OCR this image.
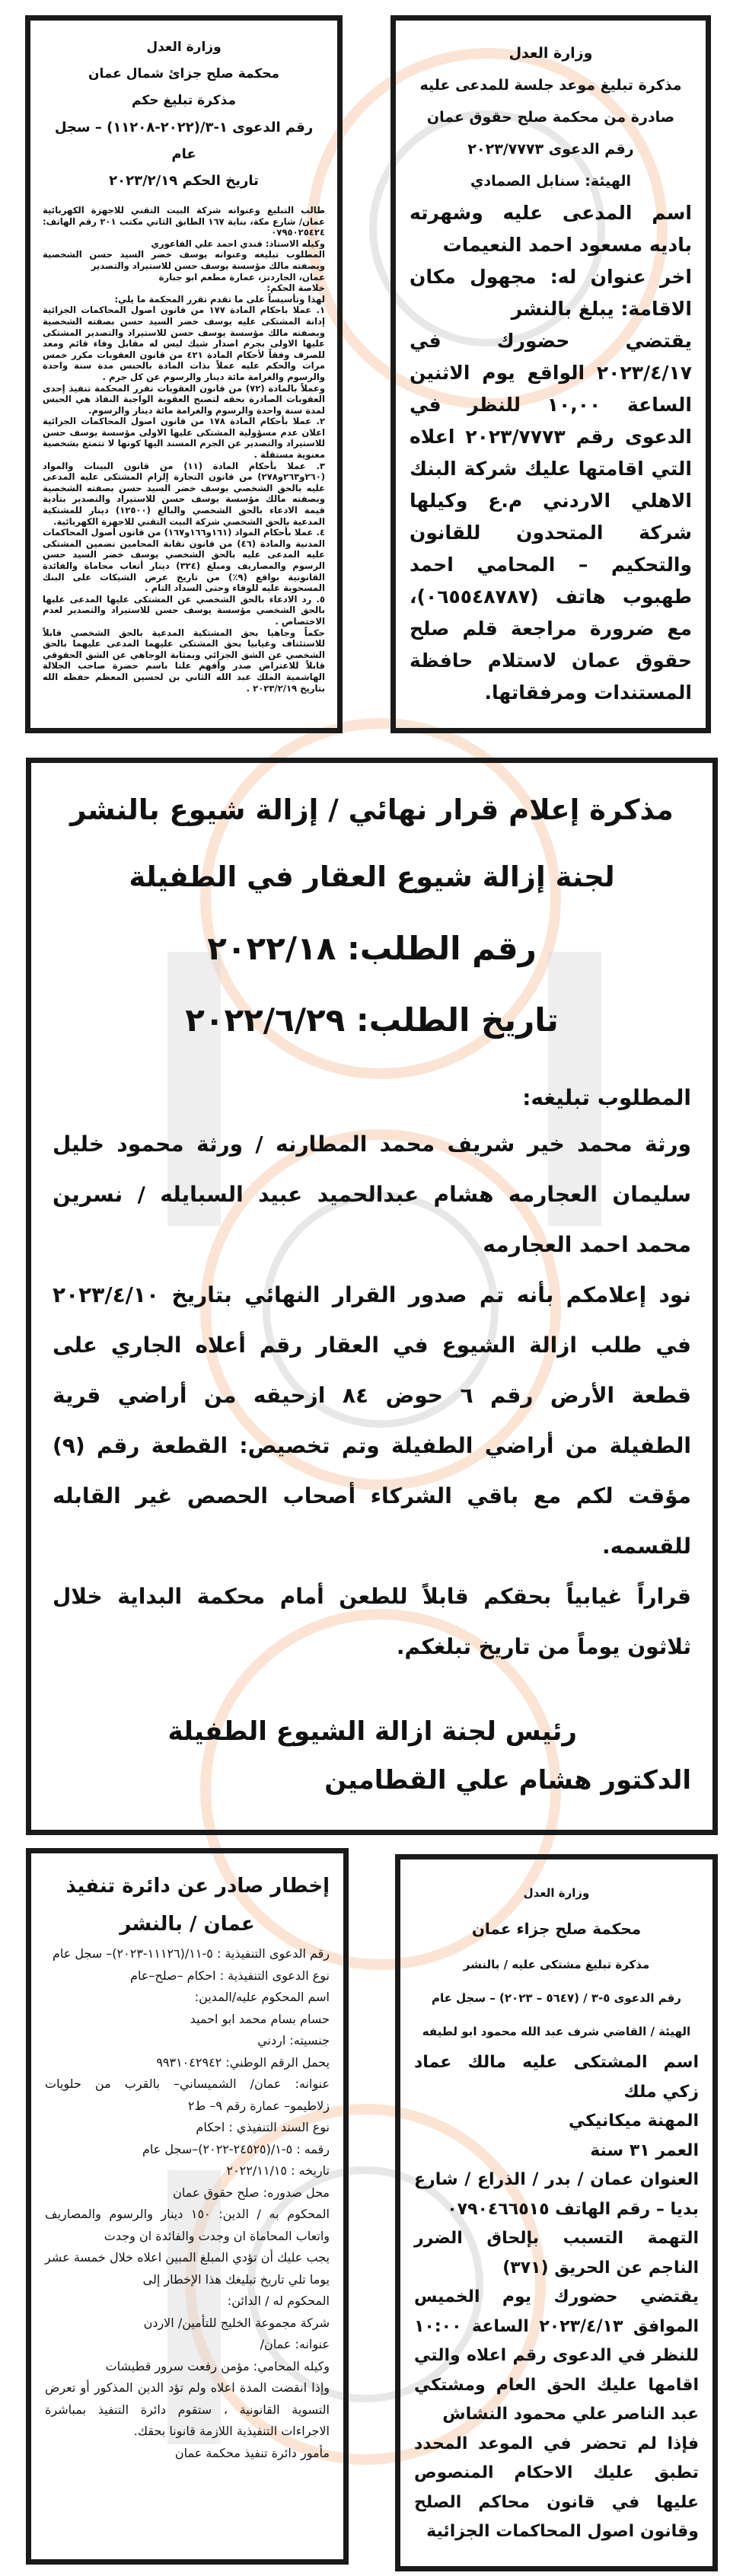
وزارة العدل

محكمة صلح جزائ شمال عمان

مذكرة تبليغ حكم

رقم الدعوى ١-٣/(٢٠٢٢-١١٢٠٨) – سجل عام

تاريخ الحكم ٢٠٢٣/٢/١٩

طالب التبليغ وعنوانه شركة البيت التقني للاجهزة الكهربائية عمان/ شارع مكة، بناية ١٦٧ الطابق الثاني مكتب ٢٠١ رقم الهاتف: ٠٧٩٥٠٢٥٤٢٤

وكيله الاستاذ: فندي احمد علي الفاعوري

المطلوب تبليغه وعنوانه يوسف خضر السيد حسن الشخصية وبصفته مالك مؤسسة يوسف حسن للاستيراد والتصدير

عمان، الجاردنز، عمارة مطعم ابو جبارة

خلاصة الحكم:

لهذا وتأسيساً على ما تقدم تقرر المحكمة ما يلي:

١. عملا باحكام المادة ١٧٧ من قانون اصول المحاكمات الجزائية إدانة المشتكى عليه يوسف خضر السيد حسن بصفته الشخصية وبصفته مالك مؤسسة يوسف حسن للاستيراد والتصدير المشتكى عليها الاولى بجرم اصدار شيك ليس له مقابل وفاء قائم ومعد للصرف وفقاً لأحكام المادة ٤٢١ من قانون العقوبات مكرر خمس مرات والحكم عليه عملاً بذات المادة بالحبس مدة سنة واحدة والرسوم والغرامة مائة دينار والرسوم عن كل جرم .

وعملاً بالمادة (٧٢) من قانون العقوبات تقرر المحكمة تنفيذ إحدى العقوبات الصادرة بحقه لتصبح العقوبة الواجبة النفاذ هي الحبس لمدة سنة واحدة والرسوم والغرامة مائة دينار والرسوم.

٢. عملا بأحكام المادة ١٧٨ من قانون اصول المحاكمات الجزائية اعلان عدم مسؤولية المشتكى عليها الاولى مؤسسة يوسف حسن للاستيراد والتصدير عن الجرم المسند اليها كونها لا تتمتع بشخصية معنوية مستقلة .

٣. عملا بأحكام المادة (١١) من قانون البينات والمواد (٢٦٠و٢٦٣و٢٧٨) من قانون التجارة إلزام المشتكى عليه المدعى عليه بالحق الشخصي يوسف خضر السيد حسن بصفته الشخصية وبصفته مالك مؤسسة يوسف حسن للاستيراد والتصدير بتأدية قيمة الادعاء بالحق الشخصي والبالغ (١٢٥٠٠) دينار للمشتكية المدعية بالحق الشخصي شركة البيت التقني للاجهزة الكهربائية.

٤. عملا بأحكام المواد (١٦١و١٦٦و١٦٧) من قانون أصول المحاكمات المدنية والمادة (٤٦) من قانون نقابة المحامين تضمين المشتكى عليه المدعى عليه بالحق الشخصي يوسف خضر السيد حسن الرسوم والمصاريف ومبلغ (٣٢٤) دينار أتعاب محاماة والفائدة القانونية بواقع (٩٪) من تاريخ عرض الشيكات على البنك المسحوبة عليه للوفاء وحتى السداد التام .

٥. رد الادعاء بالحق الشخصي عن المشتكى عليها المدعى عليها بالحق الشخصي مؤسسة يوسف حسن للاستيراد والتصدير لعدم الاختصاص .

حكماً وجاهيا بحق المشتكية المدعية بالحق الشخصي قابلاً للاستئناف وغيابيا بحق المشتكى عليهما المدعى عليهما بالحق الشخصي عن الشق الجزائي وبمثابة الوجاهي عن الشق الحقوقي قابلاً للاعتراض صدر وأفهم علنا باسم حضرة صاحب الجلالة الهاشمية الملك عبد الله الثاني بن لحسين المعظم حفظه الله بتاريخ ٢٠٢٣/٢/١٩ .

وزارة العدل

مذكرة تبليغ موعد جلسة للمدعى عليه

صادرة من محكمة صلح حقوق عمان

رقم الدعوى ٢٠٢٣/٧٧٧٣

الهيئة: سنابل الصمادي

اسم المدعى عليه وشهرته باديه مسعود احمد النعيمات

اخر عنوان له: مجهول مكان الاقامة: يبلغ بالنشر

يقتضي حضورك في ٢٠٢٣/٤/١٧ الواقع يوم الاثنين الساعة ١٠,٠٠ للنظر في الدعوى رقم ٢٠٢٣/٧٧٧٣ اعلاه التي اقامتها عليك شركة البنك الاهلي الاردني م.ع وكيلها شركة المتحدون للقانون والتحكيم – المحامي احمد طهبوب هاتف (٠٦٥٥٤٨٧٨٧)، مع ضرورة مراجعة قلم صلح حقوق عمان لاستلام حافظة المستندات ومرفقاتها.

مذكرة إعلام قرار نهائي / إزالة شيوع بالنشر

لجنة إزالة شيوع العقار في الطفيلة

رقم الطلب: ٢٠٢٢/١٨

تاريخ الطلب: ٢٠٢٢/٦/٢٩

المطلوب تبليغه:

ورثة محمد خير شريف محمد المطارنه / ورثة محمود خليل سليمان العجارمه هشام عبدالحميد عبيد السبايله / نسرين محمد احمد العجارمه

نود إعلامكم بأنه تم صدور القرار النهائي بتاريخ ٢٠٢٣/٤/١٠ في طلب ازالة الشيوع في العقار رقم أعلاه الجاري على قطعة الأرض رقم ٦ حوض ٨٤ ازحيقه من أراضي قرية الطفيلة من أراضي الطفيلة وتم تخصيص: القطعة رقم (٩) مؤقت لكم مع باقي الشركاء أصحاب الحصص غير القابله للقسمه.

قراراً غيابياً بحقكم قابلاً للطعن أمام محكمة البداية خلال ثلاثون يوماً من تاريخ تبلغكم.

رئيس لجنة ازالة الشيوع الطفيلة

الدكتور هشام علي القطامين

إخطار صادر عن دائرة تنفيذ

عمان / بالنشر

رقم الدعوى التنفيذية : ٥-١١/(١١١٢٦-٢٠٢٣)– سجل عام

نوع الدعوى التنفيذية : احكام –صلح–عام

اسم المحكوم عليه/المدين:

حسام بسام محمد ابو احميد

جنسيته: اردني

يحمل الرقم الوطني: ٩٩٣١٠٤٢٩٤٢

عنوانه: عمان/ الشميساني– بالقرب من حلويات زلاطيمو– عمارة رقم ٩– ط٢

نوع السند التنفيذي : احكام

رقمه : ٥-١/(٢٤٥٢٥-٢٠٢٢)–سجل عام

تاريخه : ٢٠٢٢/١١/١٥

محل صدوره: صلح حقوق عمان

المحكوم به / الدين: ١٥٠ دينار والرسوم والمصاريف واتعاب المحاماة ان وجدت والفائدة ان وجدت

يجب عليك أن تؤدي المبلغ المبين اعلاه خلال خمسة عشر يوما تلي تاريخ تبليغك هذا الإخطار إلى

المحكوم له / الدائن:

شركة مجموعة الخليج للتأمين/ الاردن

عنوانه: عمان/

وكيله المحامي: مؤمن رفعت سرور قطيشات

وإذا انقضت المدة اعلاه ولم تؤد الدين المذكور أو تعرض التسوية القانونية ، ستقوم دائرة التنفيذ بمباشرة الاجراءات التنفيذية اللازمة قانونا بحقك.

مأمور دائرة تنفيذ محكمة عمان

وزارة العدل

محكمة صلح جزاء عمان

مذكرة تبليغ مشتكى عليه / بالنشر

رقم الدعوى ٥-٣ / (٥٦٤٧ – ٢٠٢٣) – سجل عام

الهيئة / القاضي شرف عبد الله محمود ابو لطيفه

اسم المشتكى عليه مالك عماد زكي ملك

المهنة ميكانيكي

العمر ٣١ سنة

العنوان عمان / بدر / الذراع / شارع بديا – رقم الهاتف ٠٧٩٠٤٦٦٥١٥

التهمة التسبب بإلحاق الضرر الناجم عن الحريق (٣٧١)

يقتضي حضورك يوم الخميس الموافق ٢٠٢٣/٤/١٣ الساعة ١٠:٠٠ للنظر في الدعوى رقم اعلاه والتي اقامها عليك الحق العام ومشتكي عبد الناصر علي محمود النشاش

فإذا لم تحضر في الموعد المحدد تطبق عليك الاحكام المنصوص عليها في قانون محاكم الصلح وقانون اصول المحاكمات الجزائية
